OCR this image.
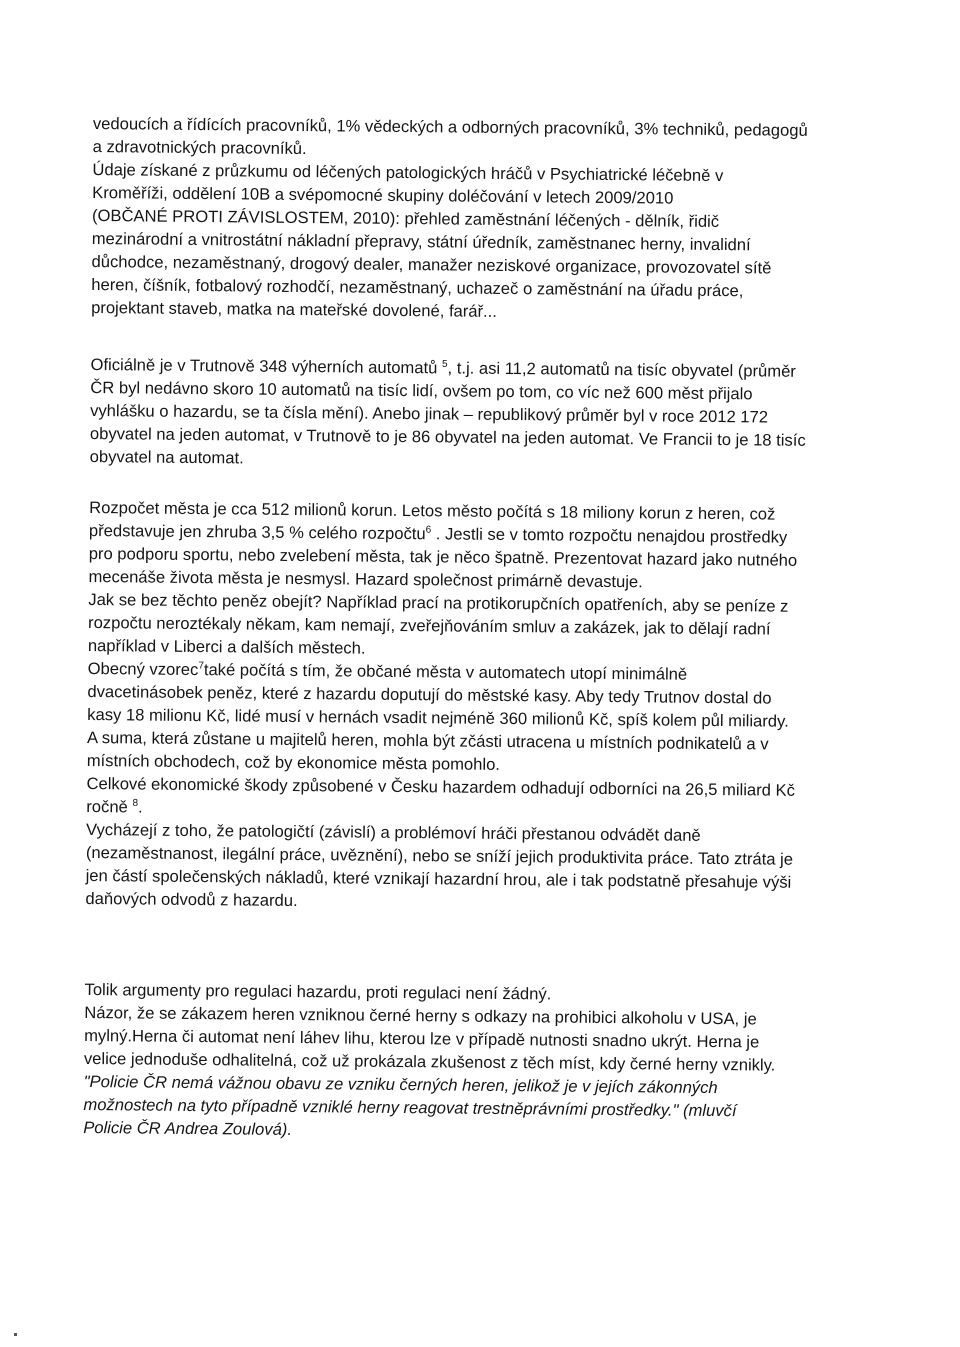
vedoucích a řídících pracovníků, 1% vědeckých a odborných pracovníků, 3% techniků, pedagogů
a zdravotnických pracovníků.
Údaje získané z průzkumu od léčených patologických hráčů v Psychiatrické léčebně v
Kroměříži, oddělení 10B a svépomocné skupiny doléčování v letech 2009/2010
(OBČANÉ PROTI ZÁVISLOSTEM, 2010): přehled zaměstnání léčených - dělník, řidič
mezinárodní a vnitrostátní nákladní přepravy, státní úředník, zaměstnanec herny, invalidní
důchodce, nezaměstnaný, drogový dealer, manažer neziskové organizace, provozovatel sítě
heren, číšník, fotbalový rozhodčí, nezaměstnaný, uchazeč o zaměstnání na úřadu práce,
projektant staveb, matka na mateřské dovolené, farář...
Oficiálně je v Trutnově 348 výherních automatů $^5$, t.j. asi 11,2 automatů na tisíc obyvatel (průměr
ČR byl nedávno skoro 10 automatů na tisíc lidí, ovšem po tom, co víc než 600 měst přijalo
vyhlášku o hazardu, se ta čísla mění). Anebo jinak – republikový průměr byl v roce 2012 172
obyvatel na jeden automat, v Trutnově to je 86 obyvatel na jeden automat. Ve Francii to je 18 tisíc
obyvatel na automat.
Rozpočet města je cca 512 milionů korun. Letos město počítá s 18 miliony korun z heren, což
představuje jen zhruba 3,5 % celého rozpočtu$^6$ . Jestli se v tomto rozpočtu nenajdou prostředky
pro podporu sportu, nebo zvelebení města, tak je něco špatně. Prezentovat hazard jako nutného
mecenáše života města je nesmysl. Hazard společnost primárně devastuje.
Jak se bez těchto peněz obejít? Například prací na protikorupčních opatřeních, aby se peníze z
rozpočtu neroztékaly někam, kam nemají, zveřejňováním smluv a zakázek, jak to dělají radní
například v Liberci a dalších městech.
Obecný vzorec$^7$také počítá s tím, že občané města v automatech utopí minimálně
dvacetinásobek peněz, které z hazardu doputují do městské kasy. Aby tedy Trutnov dostal do
kasy 18 milionu Kč, lidé musí v hernách vsadit nejméně 360 milionů Kč, spíš kolem půl miliardy.
A suma, která zůstane u majitelů heren, mohla být zčásti utracena u místních podnikatelů a v
místních obchodech, což by ekonomice města pomohlo.
Celkové ekonomické škody způsobené v Česku hazardem odhadují odborníci na 26,5 miliard Kč
ročně $^8$.
Vycházejí z toho, že patologičtí (závislí) a problémoví hráči přestanou odvádět daně
(nezaměstnanost, ilegální práce, uvěznění), nebo se sníží jejich produktivita práce. Tato ztráta je
jen částí společenských nákladů, které vznikají hazardní hrou, ale i tak podstatně přesahuje výši
daňových odvodů z hazardu.
Tolik argumenty pro regulaci hazardu, proti regulaci není žádný.
Názor, že se zákazem heren vzniknou černé herny s odkazy na prohibici alkoholu v USA, je
mylný.Herna či automat není láhev lihu, kterou lze v případě nutnosti snadno ukrýt. Herna je
velice jednoduše odhalitelná, což už prokázala zkušenost z těch míst, kdy černé herny vznikly.
"Policie ČR nemá vážnou obavu ze vzniku černých heren, jelikož je v jejích zákonných
možnostech na tyto případně vzniklé herny reagovat trestněprávními prostředky." (mluvčí
Policie ČR Andrea Zoulová).
